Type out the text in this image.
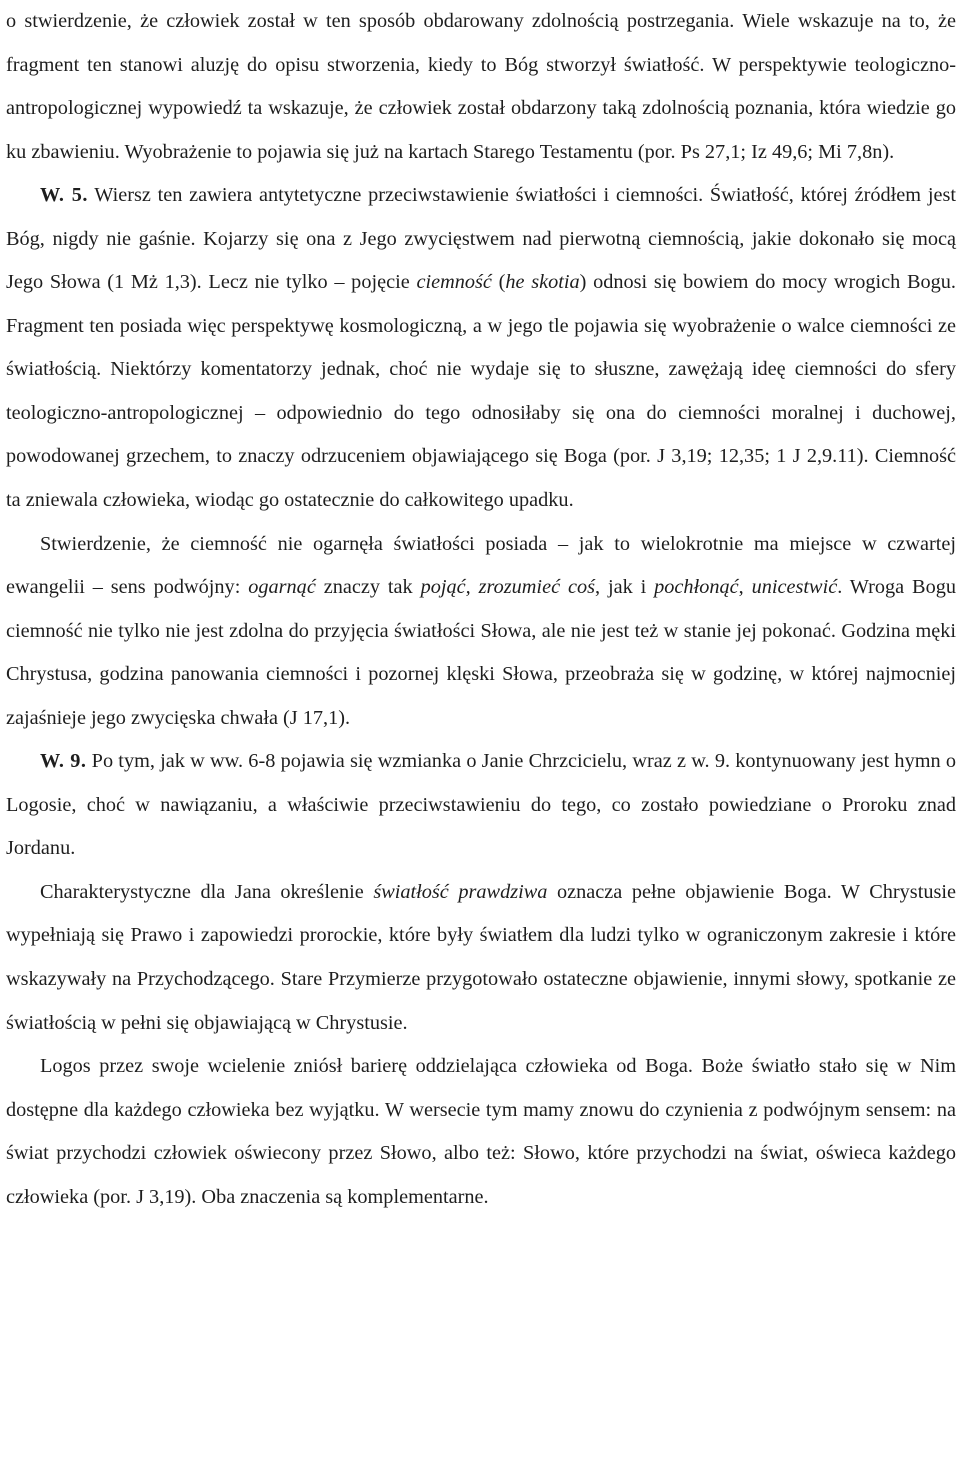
o stwierdzenie, że człowiek został w ten sposób obdarowany zdolnością postrzegania. Wiele wskazuje na to, że fragment ten stanowi aluzję do opisu stworzenia, kiedy to Bóg stworzył światłość. W perspektywie teologiczno-antropologicznej wypowiedź ta wskazuje, że człowiek został obdarzony taką zdolnością poznania, która wiedzie go ku zbawieniu. Wyobrażenie to pojawia się już na kartach Starego Testamentu (por. Ps 27,1; Iz 49,6; Mi 7,8n).

W. 5. Wiersz ten zawiera antytetyczne przeciwstawienie światłości i ciemności. Światłość, której źródłem jest Bóg, nigdy nie gaśnie. Kojarzy się ona z Jego zwycięstwem nad pierwotną ciemnością, jakie dokonało się mocą Jego Słowa (1 Mż 1,3). Lecz nie tylko – pojęcie ciemność (he skotia) odnosi się bowiem do mocy wrogich Bogu. Fragment ten posiada więc perspektywę kosmologiczną, a w jego tle pojawia się wyobrażenie o walce ciemności ze światłością. Niektórzy komentatorzy jednak, choć nie wydaje się to słuszne, zawężają ideę ciemności do sfery teologiczno-antropologicznej – odpowiednio do tego odnosiłaby się ona do ciemności moralnej i duchowej, powodowanej grzechem, to znaczy odrzuceniem objawiającego się Boga (por. J 3,19; 12,35; 1 J 2,9.11). Ciemność ta zniewala człowieka, wiodąc go ostatecznie do całkowitego upadku.

Stwierdzenie, że ciemność nie ogarnęła światłości posiada – jak to wielokrotnie ma miejsce w czwartej ewangelii – sens podwójny: ogarnąć znaczy tak pojąć, zrozumieć coś, jak i pochłonąć, unicestwić. Wroga Bogu ciemność nie tylko nie jest zdolna do przyjęcia światłości Słowa, ale nie jest też w stanie jej pokonać. Godzina męki Chrystusa, godzina panowania ciemności i pozornej klęski Słowa, przeobraża się w godzinę, w której najmocniej zajaśnieje jego zwycięska chwała (J 17,1).

W. 9. Po tym, jak w ww. 6-8 pojawia się wzmianka o Janie Chrzcicielu, wraz z w. 9. kontynuowany jest hymn o Logosie, choć w nawiązaniu, a właściwie przeciwstawieniu do tego, co zostało powiedziane o Proroku znad Jordanu.

Charakterystyczne dla Jana określenie światłość prawdziwa oznacza pełne objawienie Boga. W Chrystusie wypełniają się Prawo i zapowiedzi prorockie, które były światłem dla ludzi tylko w ograniczonym zakresie i które wskazywały na Przychodzącego. Stare Przymierze przygotowało ostateczne objawienie, innymi słowy, spotkanie ze światłością w pełni się objawiającą w Chrystusie.

Logos przez swoje wcielenie zniósł barierę oddzielająca człowieka od Boga. Boże światło stało się w Nim dostępne dla każdego człowieka bez wyjątku. W wersecie tym mamy znowu do czynienia z podwójnym sensem: na świat przychodzi człowiek oświecony przez Słowo, albo też: Słowo, które przychodzi na świat, oświeca każdego człowieka (por. J 3,19). Oba znaczenia są komplementarne.
